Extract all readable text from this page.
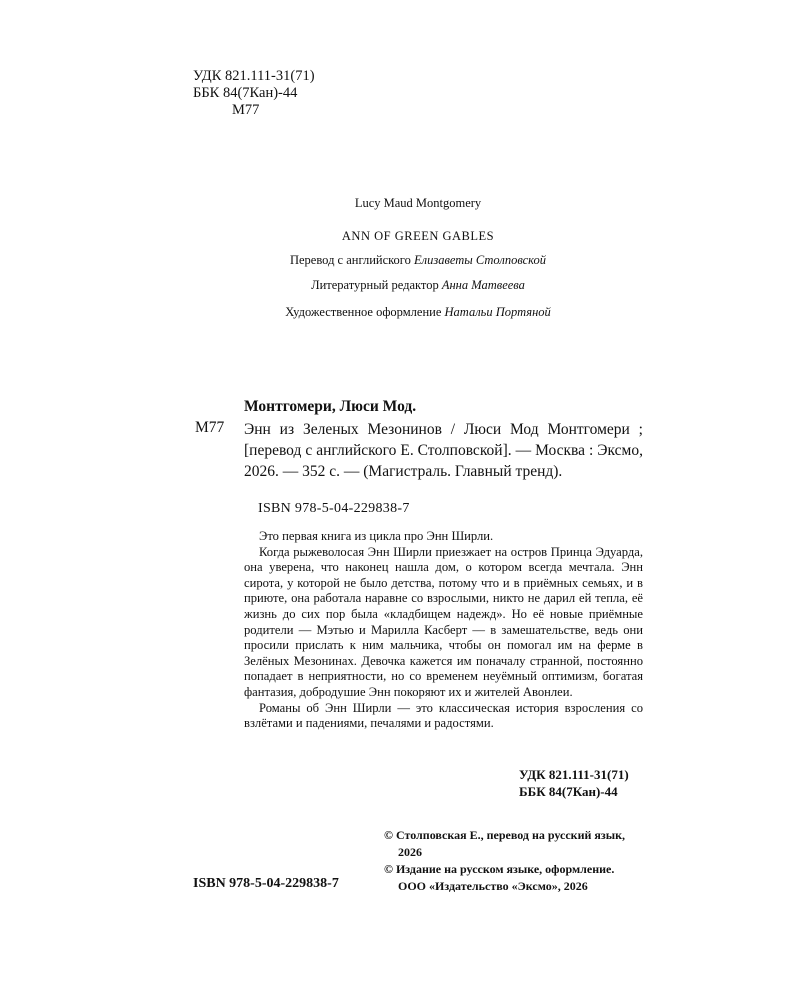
УДК 821.111-31(71)
ББК 84(7Кан)-44
М77
Lucy Maud Montgomery
ANN OF GREEN GABLES
Перевод с английского Елизаветы Столповской
Литературный редактор Анна Матвеева
Художественное оформление Натальи Портяной
Монтгомери, Люси Мод.
М77 Энн из Зеленых Мезонинов / Люси Мод Монтгомери ; [перевод с английского Е. Столповской]. — Москва : Эксмо, 2026. — 352 с. — (Магистраль. Главный тренд).
ISBN 978-5-04-229838-7

Это первая книга из цикла про Энн Ширли.

Когда рыжеволосая Энн Ширли приезжает на остров Принца Эдуарда, она уверена, что наконец нашла дом, о котором всегда мечтала. Энн сирота, у которой не было детства, потому что и в приёмных семьях, и в приюте, она работала наравне со взрослыми, никто не дарил ей тепла, её жизнь до сих пор была «кладбищем надежд». Но её новые приёмные родители — Мэтью и Марилла Касберт — в замешательстве, ведь они просили прислать к ним мальчика, чтобы он помогал им на ферме в Зелёных Мезонинах. Девочка кажется им поначалу странной, постоянно попадает в неприятности, но со временем неуёмный оптимизм, богатая фантазия, добродушие Энн покоряют их и жителей Авонлеи.

Романы об Энн Ширли — это классическая история взросления со взлётами и падениями, печалями и радостями.

УДК 821.111-31(71)
ББК 84(7Кан)-44
© Столповская Е., перевод на русский язык,
2026
© Издание на русском языке, оформление.
ООО «Издательство «Эксмо», 2026
ISBN 978-5-04-229838-7
